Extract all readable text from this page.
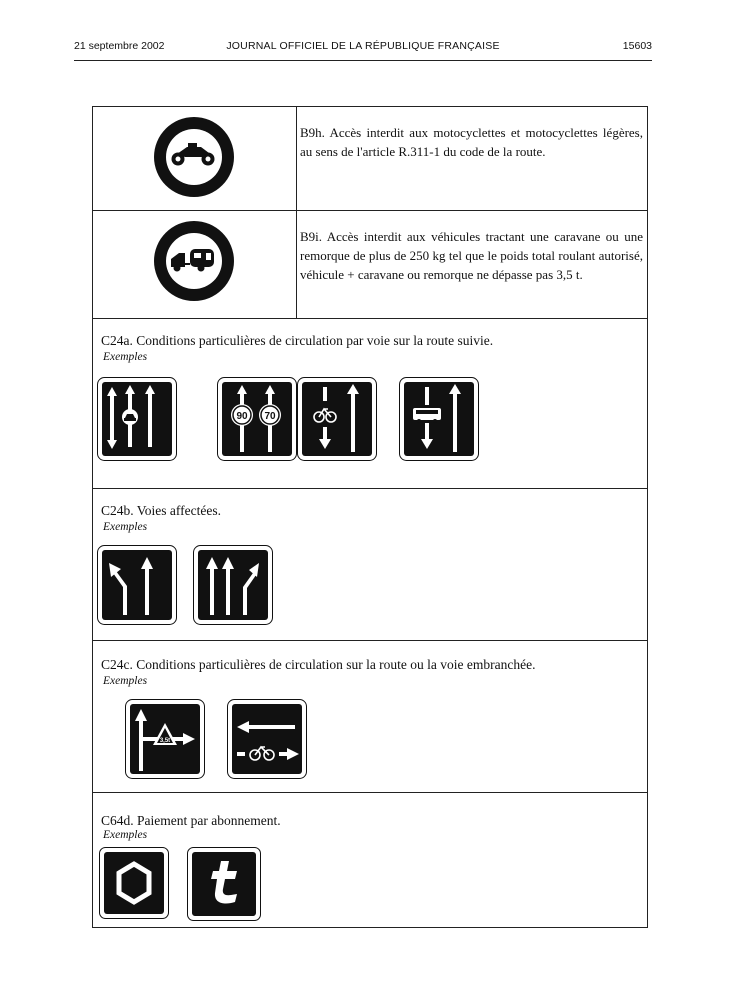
21 septembre 2002	JOURNAL OFFICIEL DE LA RÉPUBLIQUE FRANÇAISE	15603
B9h. Accès interdit aux motocyclettes et motocyclettes légères, au sens de l'article R.311-1 du code de la route.
B9i. Accès interdit aux véhicules tractant une caravane ou une remorque de plus de 250 kg tel que le poids total roulant autorisé, véhicule + caravane ou remorque ne dépasse pas 3,5 t.
C24a. Conditions particulières de circulation par voie sur la route suivie.
Exemples
90 70
C24b. Voies affectées.
Exemples
C24c. Conditions particulières de circulation sur la route ou la voie embranchée.
Exemples
3,5t
C64d. Paiement par abonnement.
Exemples
